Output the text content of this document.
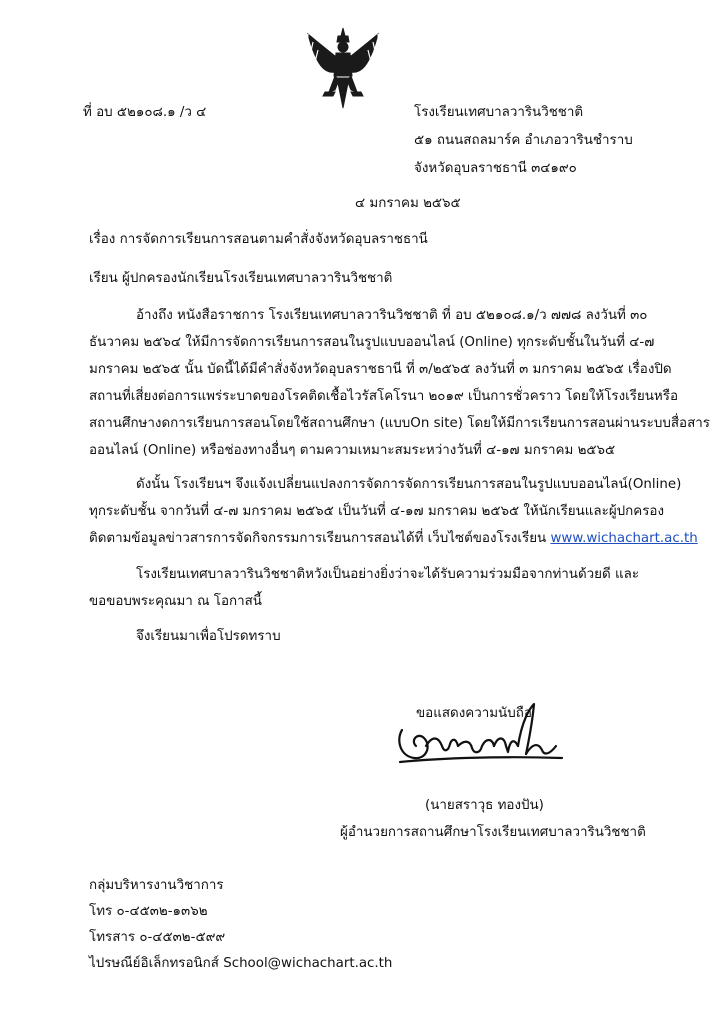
ที่ อบ ๕๒๑๐๘.๑ /ว ๔	โรงเรียนเทศบาลวารินวิชชาติ
๕๑ ถนนสถลมาร์ค อำเภอวารินชำราบ
จังหวัดอุบลราชธานี ๓๔๑๙๐
๔ มกราคม ๒๕๖๕
เรื่อง การจัดการเรียนการสอนตามคำสั่งจังหวัดอุบลราชธานี
เรียน ผู้ปกครองนักเรียนโรงเรียนเทศบาลวารินวิชชาติ
อ้างถึง หนังสือราชการ โรงเรียนเทศบาลวารินวิชชาติ ที่ อบ ๕๒๑๐๘.๑/ว ๗๗๘ ลงวันที่ ๓๐
ธันวาคม ๒๕๖๔ ให้มีการจัดการเรียนการสอนในรูปแบบออนไลน์ (Online) ทุกระดับชั้นในวันที่ ๔-๗
มกราคม ๒๕๖๕ นั้น บัดนี้ได้มีคำสั่งจังหวัดอุบลราชธานี ที่ ๓/๒๕๖๕ ลงวันที่ ๓ มกราคม ๒๕๖๕ เรื่องปิด
สถานที่เสี่ยงต่อการแพร่ระบาดของโรคติดเชื้อไวรัสโคโรนา ๒๐๑๙ เป็นการชั่วคราว โดยให้โรงเรียนหรือ
สถานศึกษางดการเรียนการสอนโดยใช้สถานศึกษา (แบบOn site) โดยให้มีการเรียนการสอนผ่านระบบสื่อสาร
ออนไลน์ (Online) หรือช่องทางอื่นๆ ตามความเหมาะสมระหว่างวันที่ ๔-๑๗ มกราคม ๒๕๖๕
ดังนั้น โรงเรียนฯ จึงแจ้งเปลี่ยนแปลงการจัดการจัดการเรียนการสอนในรูปแบบออนไลน์(Online)
ทุกระดับชั้น จากวันที่ ๔-๗ มกราคม ๒๕๖๕ เป็นวันที่ ๔-๑๗ มกราคม ๒๕๖๕ ให้นักเรียนและผู้ปกครอง
ติดตามข้อมูลข่าวสารการจัดกิจกรรมการเรียนการสอนได้ที่ เว็บไซต์ของโรงเรียน www.wichachart.ac.th
โรงเรียนเทศบาลวารินวิชชาติหวังเป็นอย่างยิ่งว่าจะได้รับความร่วมมือจากท่านด้วยดี และ
ขอขอบพระคุณมา ณ โอกาสนี้
จึงเรียนมาเพื่อโปรดทราบ
ขอแสดงความนับถือ
(นายสราวุธ ทองปัน)
ผู้อำนวยการสถานศึกษาโรงเรียนเทศบาลวารินวิชชาติ
กลุ่มบริหารงานวิชาการ
โทร ๐-๔๕๓๒-๑๓๖๒
โทรสาร ๐-๔๕๓๒-๕๙๙
ไปรษณีย์อิเล็กทรอนิกส์ School@wichachart.ac.th
